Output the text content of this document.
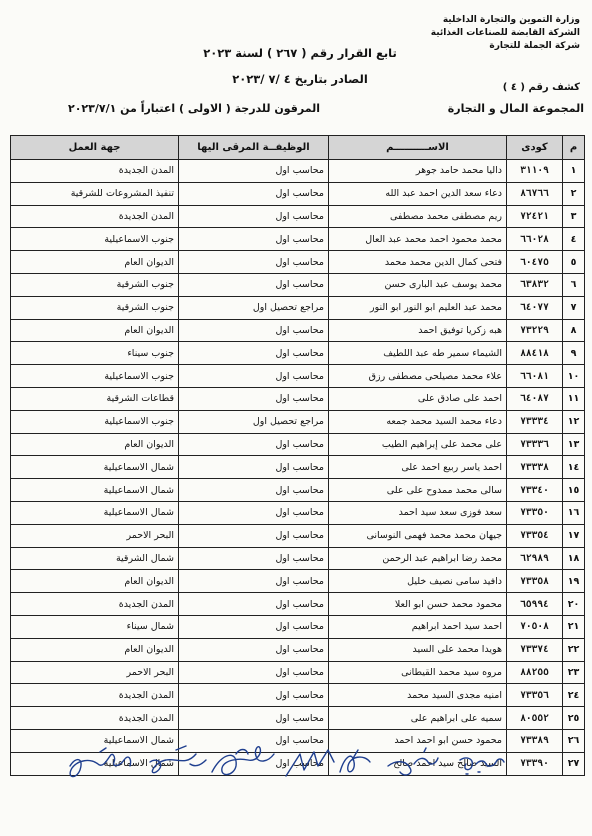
وزارة التموين والتجارة الداخلية
الشركة القابضة للصناعات الغذائية
شركة الجملة للتجارة
تابع القرار رقم ( ٢٦٧ ) لسنة ٢٠٢٣
الصادر بتاريخ ٤ /٧ /٢٠٢٣
كشف رقم ( ٤ )
المجموعة المال و التجارة
المرقون للدرجة ( الاولى ) اعتباراً من ٢٠٢٣/٧/١
م	كودى	الاســــــــــم	الوظيفــة المرقى اليها	جهة العمل
١	٣١١٠٩	داليا محمد حامد جوهر	محاسب اول	المدن الجديدة
٢	٨٦٧٦٦	دعاء سعد الدين احمد عبد الله	محاسب اول	تنفيذ المشروعات للشرقية
٣	٧٢٤٢١	ريم مصطفى محمد مصطفى	محاسب اول	المدن الجديدة
٤	٦٦٠٢٨	محمد محمود احمد محمد عبد العال	محاسب اول	جنوب الاسماعيلية
٥	٦٠٤٧٥	فتحى كمال الدين محمد محمد	محاسب اول	الديوان العام
٦	٦٣٨٣٢	محمد يوسف عبد البارى حسن	محاسب اول	جنوب الشرقية
٧	٦٤٠٧٧	محمد عبد العليم ابو النور ابو النور	مراجع تحصيل اول	جنوب الشرقية
٨	٧٣٢٢٩	هبه زكريا توفيق احمد	محاسب اول	الديوان العام
٩	٨٨٤١٨	الشيماء سمير طه عبد اللطيف	محاسب اول	جنوب سيناء
١٠	٦٦٠٨١	علاء محمد مصيلحى مصطفى رزق	محاسب اول	جنوب الاسماعيلية
١١	٦٤٠٨٧	احمد على صادق على	محاسب اول	قطاعات الشرقية
١٢	٧٣٣٣٤	دعاء محمد السيد محمد جمعه	مراجع تحصيل اول	جنوب الاسماعيلية
١٣	٧٣٣٣٦	على محمد على إبراهيم الطيب	محاسب اول	الديوان العام
١٤	٧٣٣٣٨	احمد ياسر ربيع احمد على	محاسب اول	شمال الاسماعيلية
١٥	٧٣٣٤٠	سالى محمد ممدوح على على	محاسب اول	شمال الاسماعيلية
١٦	٧٣٣٥٠	سعد فوزى سعد سيد احمد	محاسب اول	شمال الاسماعيلية
١٧	٧٣٣٥٤	جيهان محمد محمد فهمى النوسانى	محاسب اول	البحر الاحمر
١٨	٦٢٩٨٩	محمد رضا ابراهيم عبد الرحمن	محاسب اول	شمال الشرقية
١٩	٧٣٣٥٨	دافيد سامى نصيف خليل	محاسب اول	الديوان العام
٢٠	٦٥٩٩٤	محمود محمد حسن ابو العلا	محاسب اول	المدن الجديدة
٢١	٧٠٥٠٨	احمد سيد احمد ابراهيم	محاسب اول	شمال سيناء
٢٢	٧٣٣٧٤	هويدا محمد على السيد	محاسب اول	الديوان العام
٢٣	٨٨٢٥٥	مروه سيد محمد القيطانى	محاسب اول	البحر الاحمر
٢٤	٧٣٣٥٦	امنيه مجدى السيد محمد	محاسب اول	المدن الجديدة
٢٥	٨٠٥٥٢	سميه على ابراهيم على	محاسب اول	المدن الجديدة
٢٦	٧٣٣٨٩	محمود حسن ابو احمد احمد	محاسب اول	شمال الاسماعيلية
٢٧	٧٣٣٩٠	السيد صالح سيد احمد صالح	محاسب اول	شمال الاسماعيلية
